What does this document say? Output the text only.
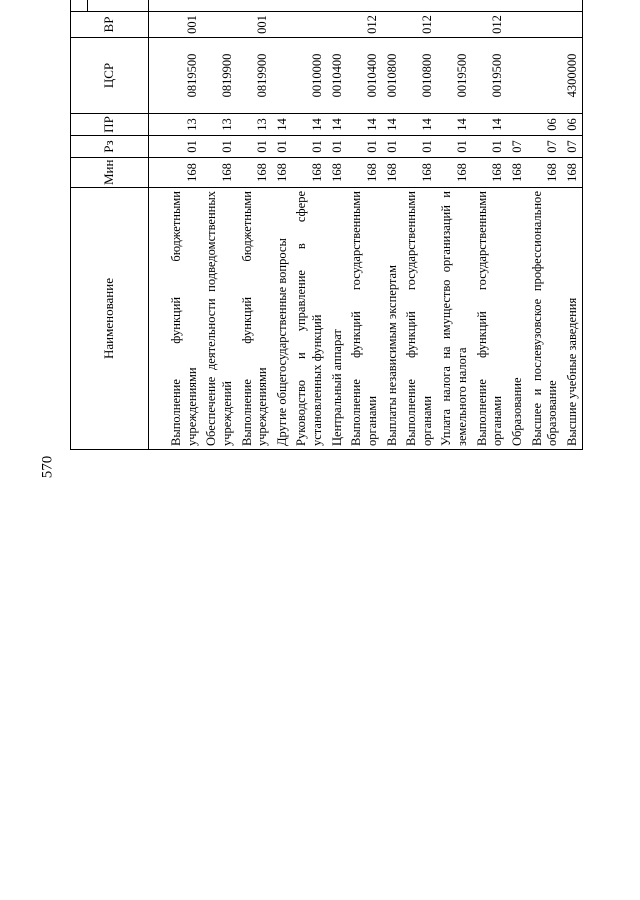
570
Наименование	Мин	Рз	ПР	ЦСР	ВР	

Выполнение функций бюджетными учреждениями	168	01	13	0819500	001		

Обеспечение деятельности подведомственных учреждений	168	01	13	0819900			

Выполнение функций бюджетными учреждениями	168	01	13	0819900	001		

Другие общегосударственные вопросы	168	01	14				

Руководство и управление в сфере установленных функций	168	01	14	0010000			

Центральный аппарат	168	01	14	0010400			

Выполнение функций государственными органами	168	01	14	0010400	012		

Выплаты независимым экспертам	168	01	14	0010800			

Выполнение функций государственными органами	168	01	14	0010800	012		

Уплата налога на имущество организаций и земельного налога	168	01	14	0019500			

Выполнение функций государственными органами	168	01	14	0019500	012		

Образование	168	07					

Высшее и послевузовское профессиональное образование	168	07	06				

Высшие учебные заведения	168	07	06	4300000			
